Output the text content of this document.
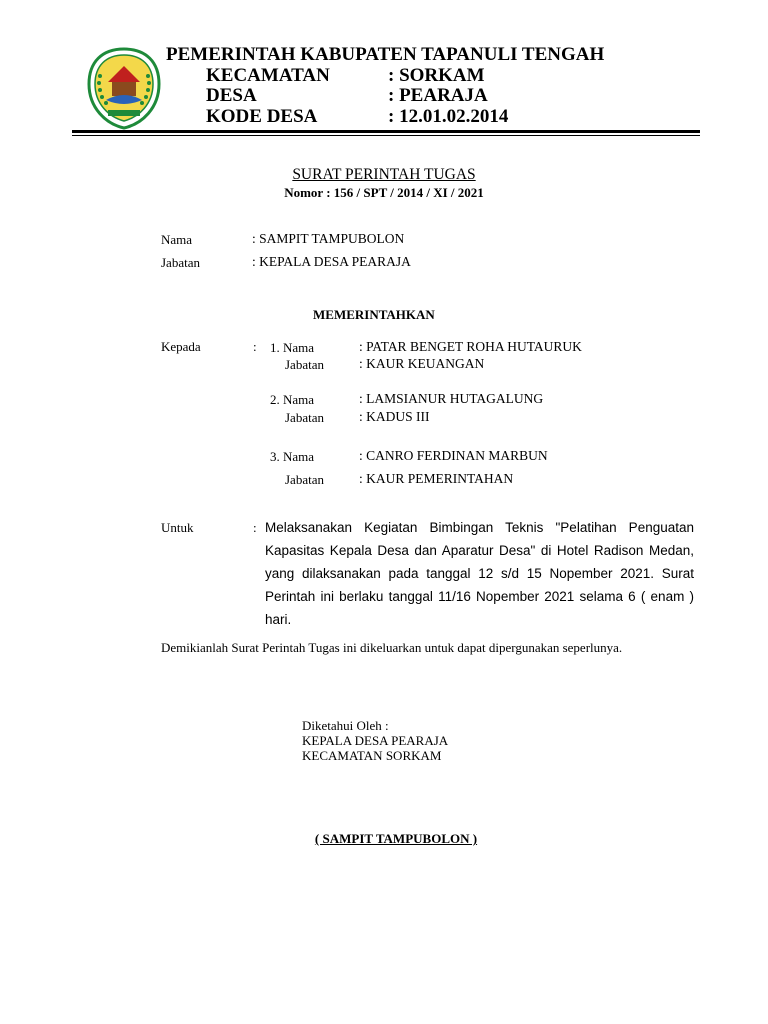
PEMERINTAH KABUPATEN TAPANULI TENGAH
KECAMATAN	: SORKAM
DESA	: PEARAJA
KODE DESA	: 12.01.02.2014
SURAT PERINTAH TUGAS
Nomor : 156 / SPT / 2014 / XI / 2021
Nama	: SAMPIT TAMPUBOLON
Jabatan	: KEPALA DESA PEARAJA
MEMERINTAHKAN
Kepada	: 1. Nama	: PATAR BENGET ROHA HUTAURUK
Jabatan	: KAUR KEUANGAN
2. Nama	: LAMSIANUR HUTAGALUNG
Jabatan	: KADUS III
3. Nama	: CANRO FERDINAN MARBUN
Jabatan	: KAUR PEMERINTAHAN
Untuk	: Melaksanakan Kegiatan Bimbingan Teknis "Pelatihan Penguatan Kapasitas Kepala Desa dan Aparatur Desa" di Hotel Radison Medan, yang dilaksanakan pada tanggal 12 s/d 15 Nopember 2021. Surat Perintah ini berlaku tanggal 11/16 Nopember 2021 selama 6 ( enam ) hari.
Demikianlah Surat Perintah Tugas ini dikeluarkan untuk dapat dipergunakan seperlunya.
Diketahui Oleh :
KEPALA DESA PEARAJA
KECAMATAN SORKAM
( SAMPIT TAMPUBOLON )
